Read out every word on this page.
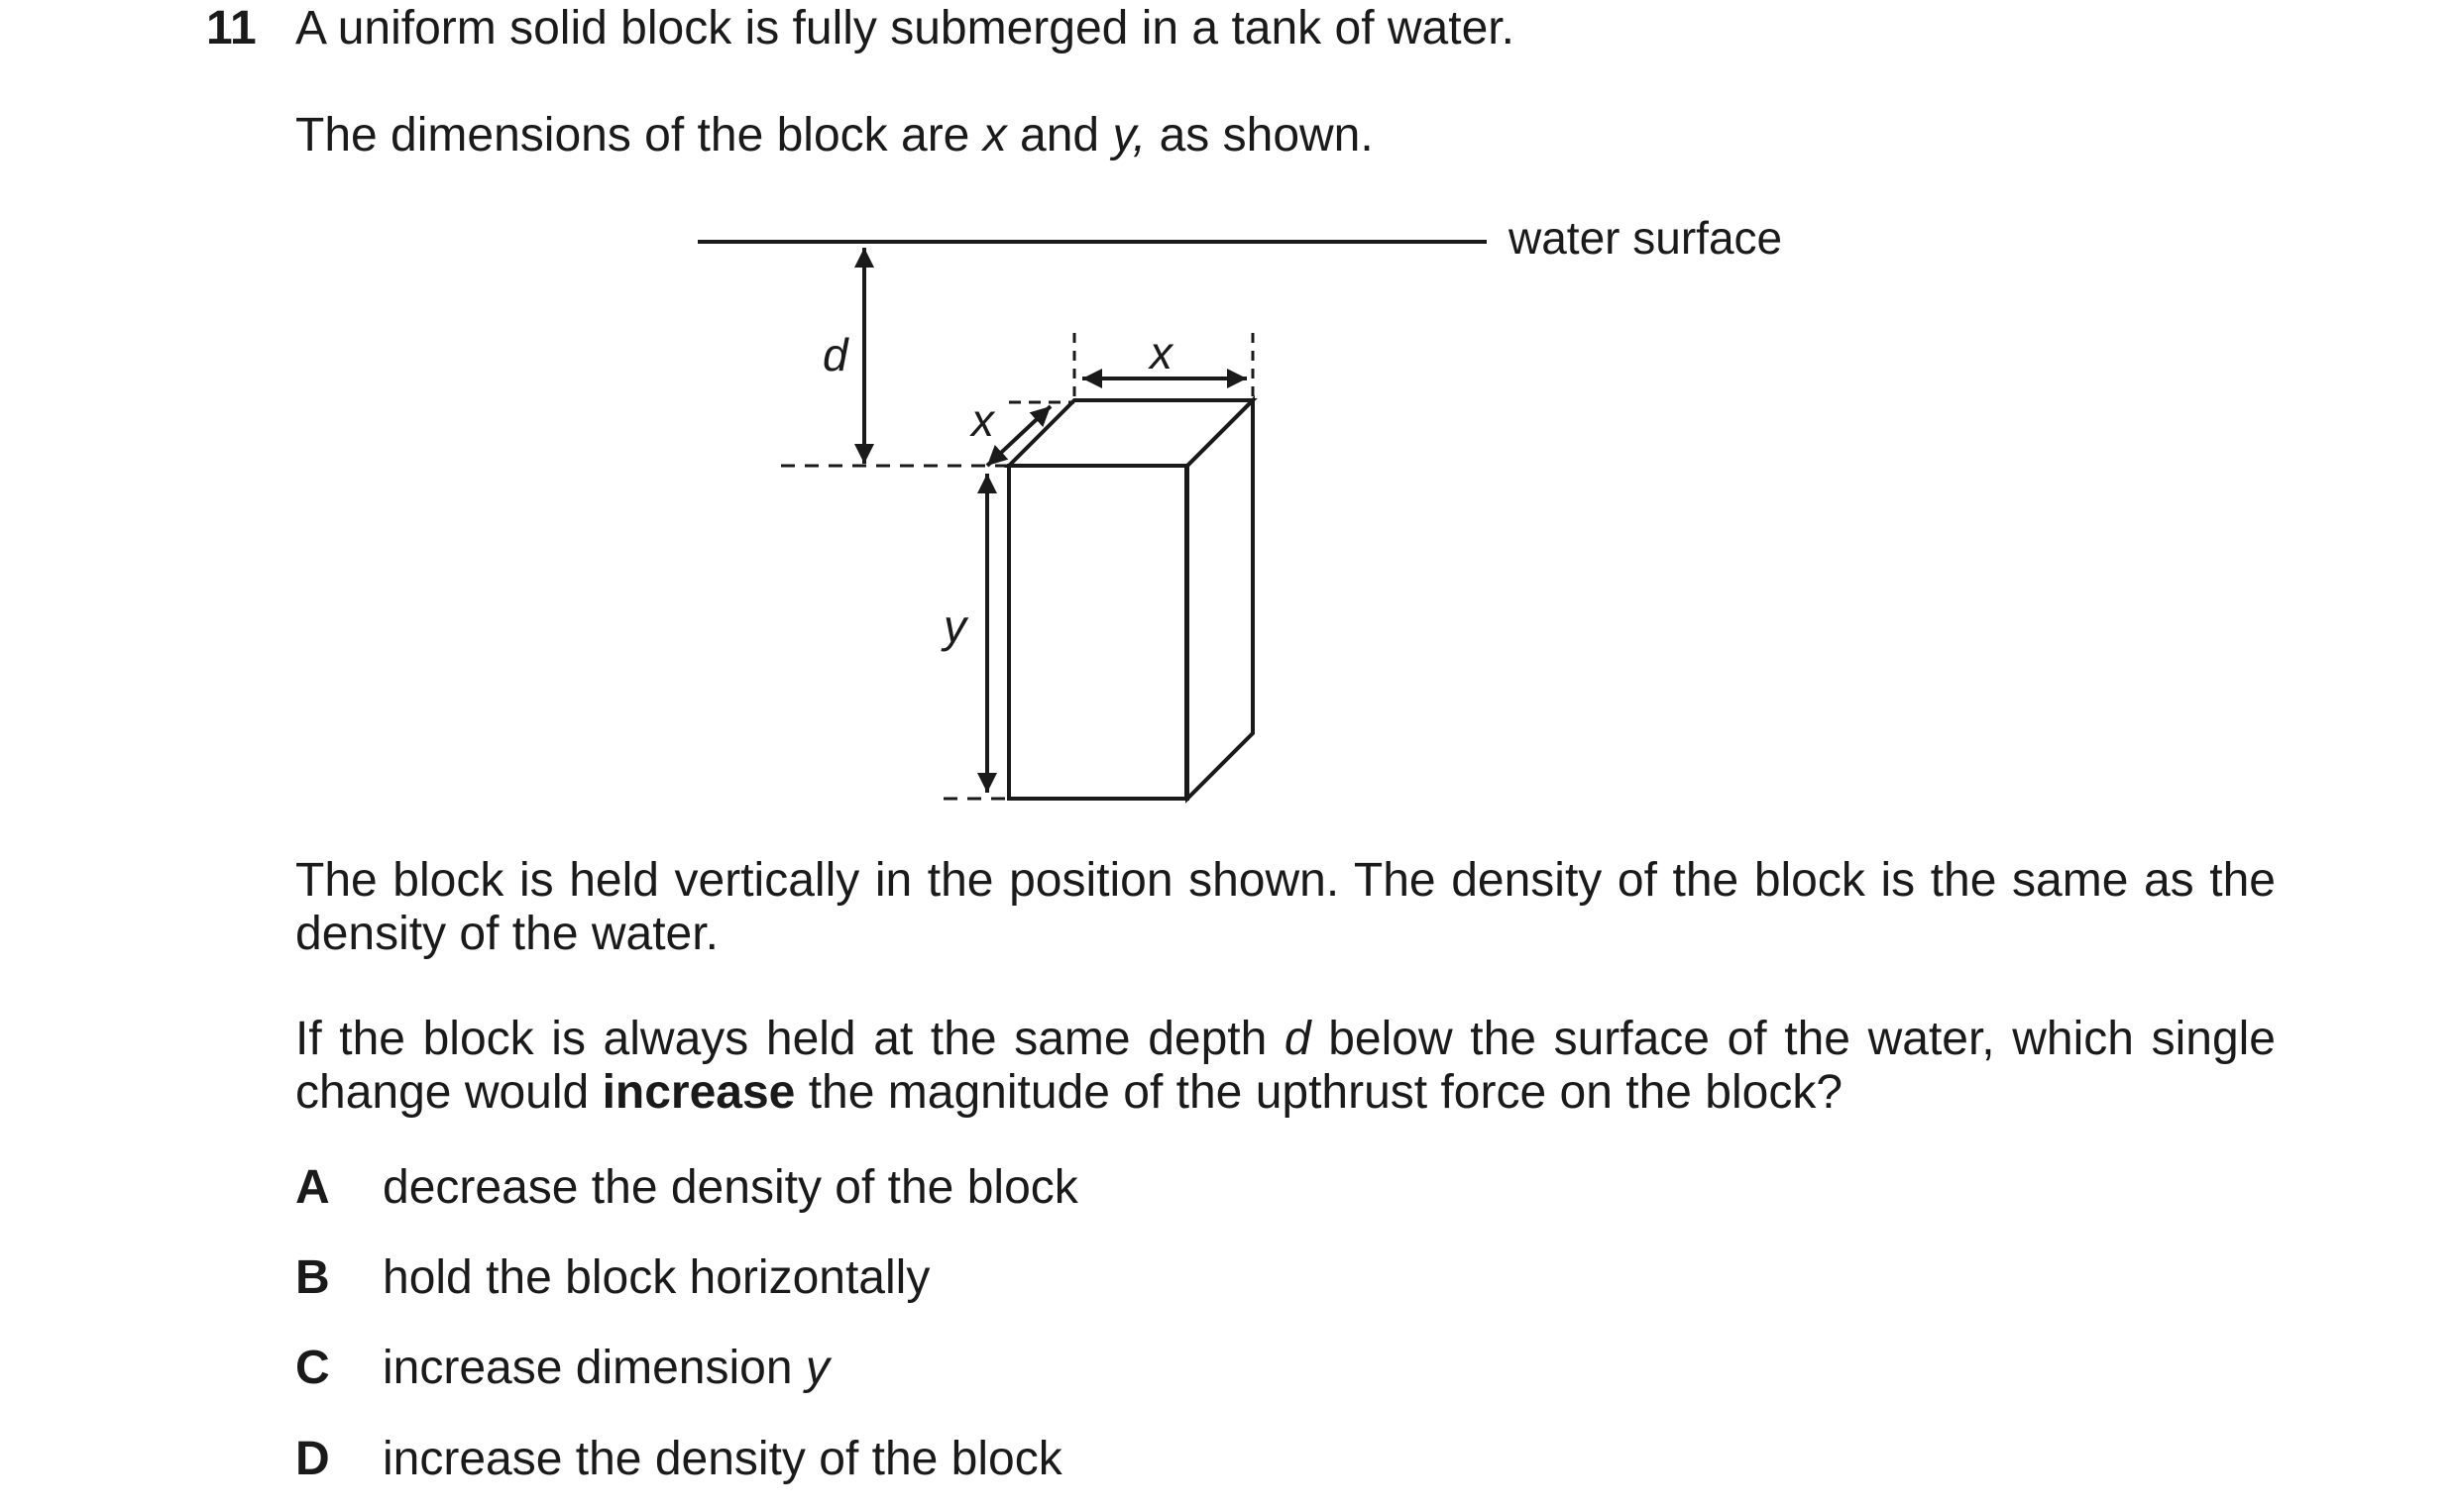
11 A uniform solid block is fully submerged in a tank of water.
The dimensions of the block are x and y, as shown.
water surface
d	x
x
y
The block is held vertically in the position shown. The density of the block is the same as the density of the water.
If the block is always held at the same depth d below the surface of the water, which single change would increase the magnitude of the upthrust force on the block?
A decrease the density of the block
B hold the block horizontally
C increase dimension y
D increase the density of the block
